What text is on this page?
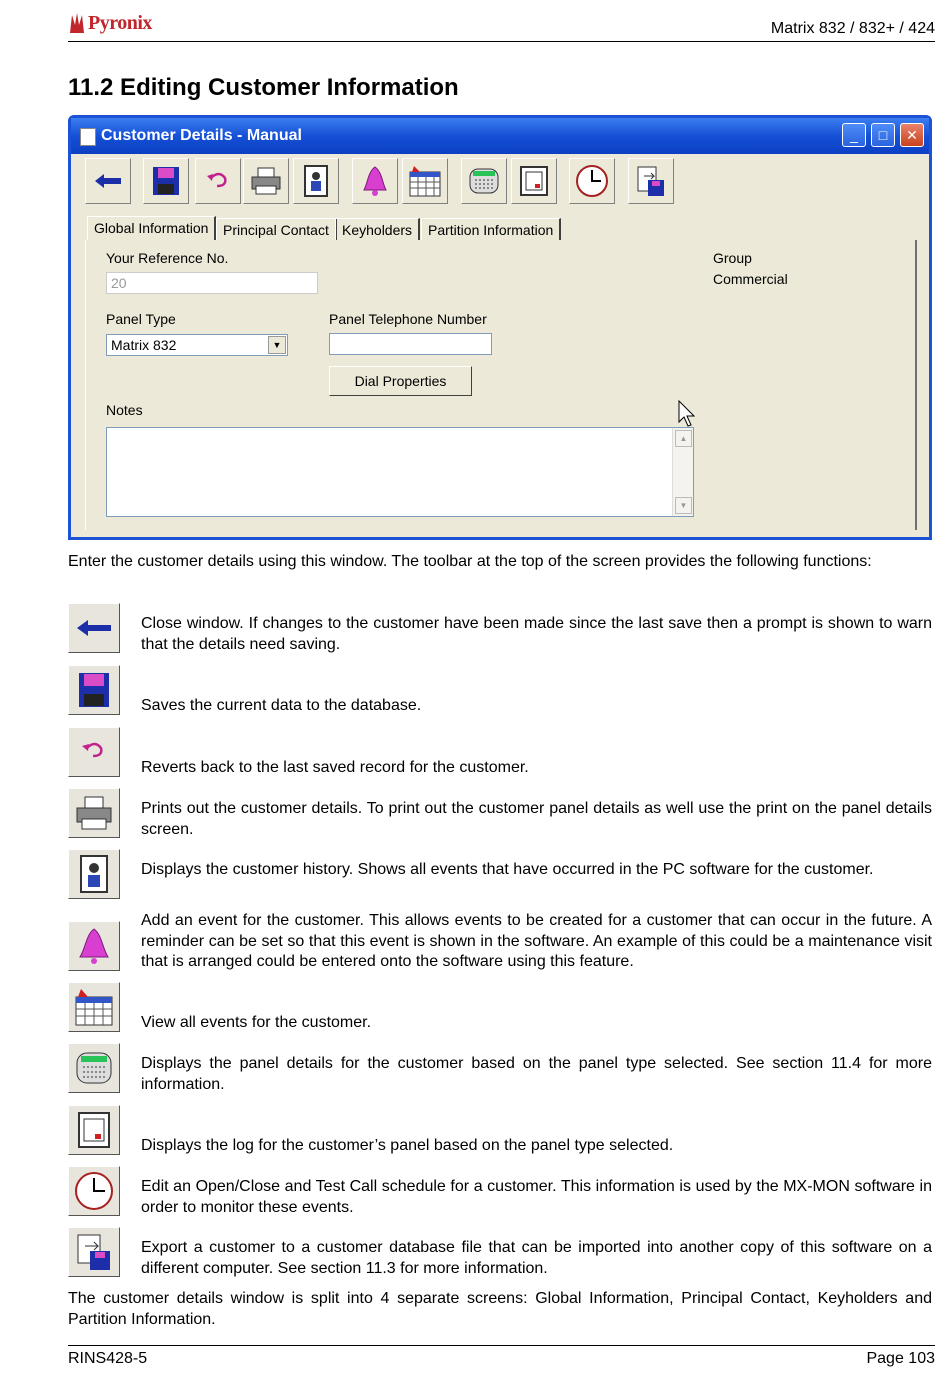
Pyronix	Matrix 832 / 832+ / 424
11.2 Editing Customer Information
Customer Details - Manual	_	□	✕
Global Information	Principal Contact Keyholders	Partition Information
Your Reference No.
20
Group
Commercial
Panel Type
Matrix 832	▼
Panel Telephone Number
Dial Properties
Notes
▲
▼
Enter the customer details using this window. The toolbar at the top of the screen provides the following functions:
Close window. If changes to the customer have been made since the last save then a prompt is shown to warn that the details need saving.
Saves the current data to the database.
Reverts back to the last saved record for the customer.
Prints out the customer details. To print out the customer panel details as well use the print on the panel details screen.
Displays the customer history. Shows all events that have occurred in the PC software for the customer.
Add an event for the customer. This allows events to be created for a customer that can occur in the future. A reminder can be set so that this event is shown in the software. An example of this could be a maintenance visit that is arranged could be entered onto the software using this feature.
View all events for the customer.
Displays the panel details for the customer based on the panel type selected. See section 11.4 for more information.
Displays the log for the customer’s panel based on the panel type selected.
Edit an Open/Close and Test Call schedule for a customer. This information is used by the MX-MON software in order to monitor these events.
Export a customer to a customer database file that can be imported into another copy of this software on a different computer. See section 11.3 for more information.
The customer details window is split into 4 separate screens: Global Information, Principal Contact, Keyholders and Partition Information.
RINS428-5	Page 103
